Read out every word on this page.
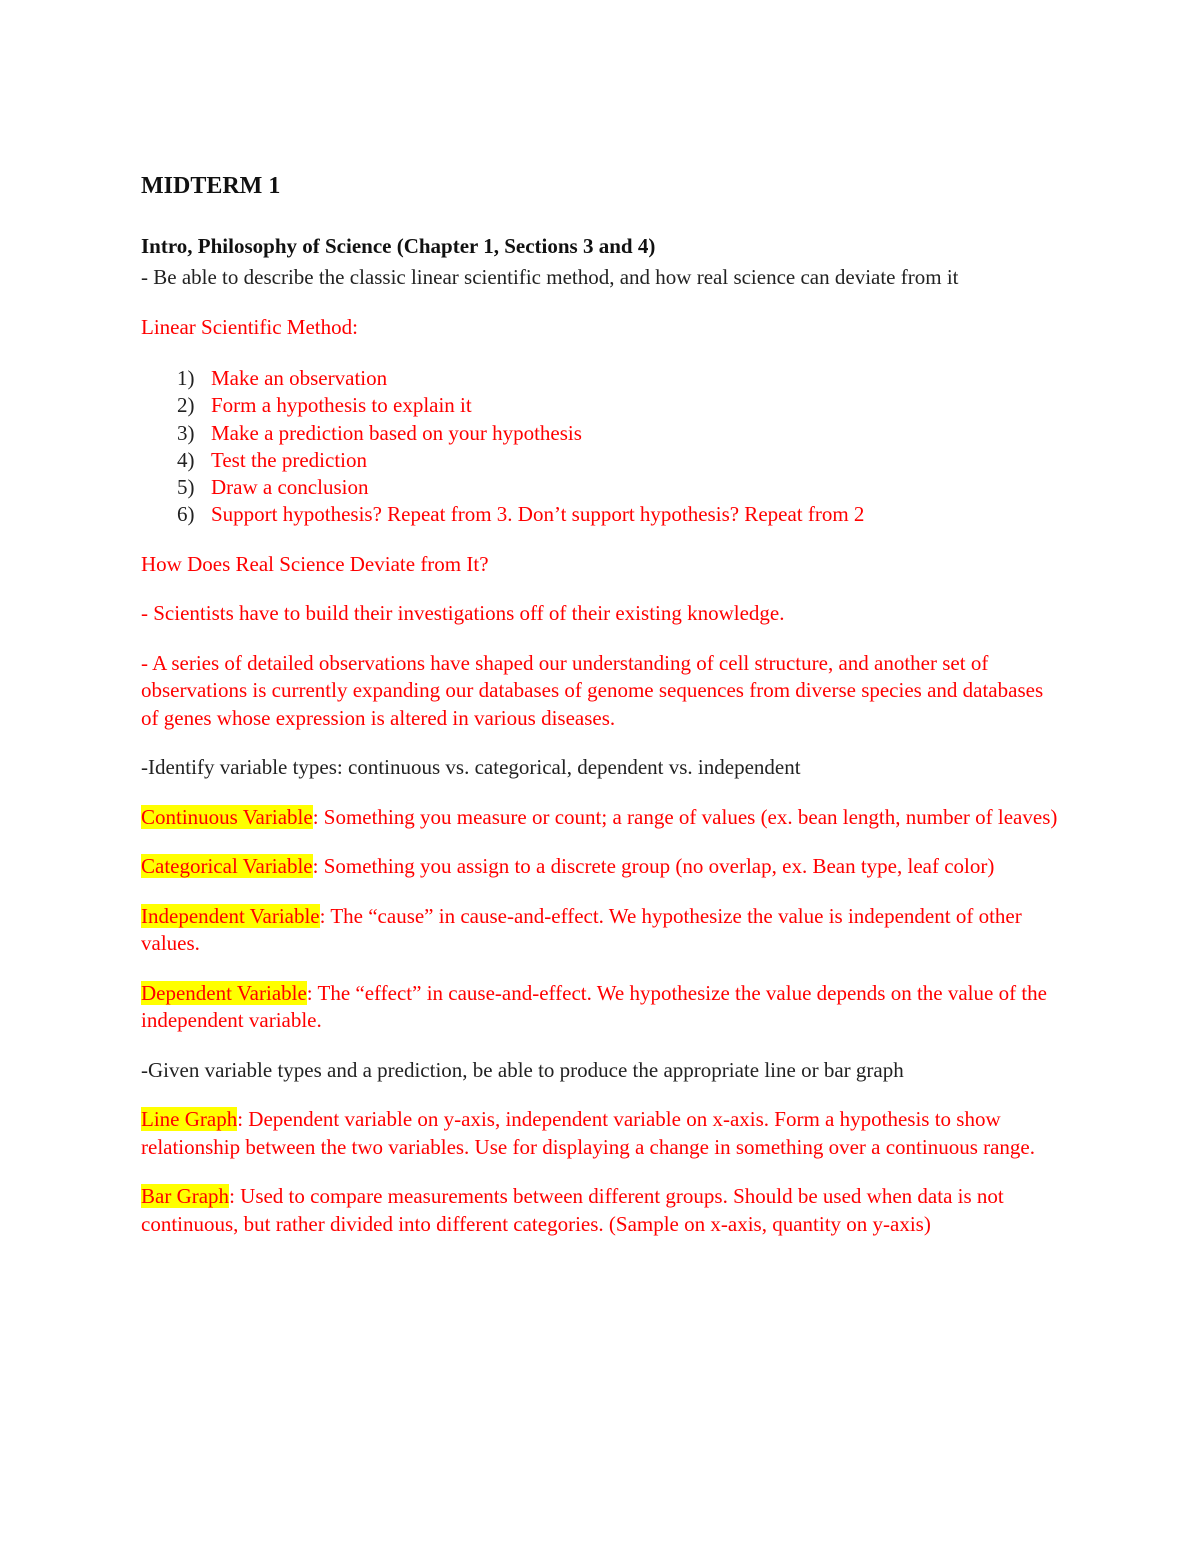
MIDTERM 1
Intro, Philosophy of Science (Chapter 1, Sections 3 and 4)
- Be able to describe the classic linear scientific method, and how real science can deviate from it
Linear Scientific Method:
1) Make an observation
2) Form a hypothesis to explain it
3) Make a prediction based on your hypothesis
4) Test the prediction
5) Draw a conclusion
6) Support hypothesis? Repeat from 3. Don’t support hypothesis? Repeat from 2
How Does Real Science Deviate from It?
- Scientists have to build their investigations off of their existing knowledge.
- A series of detailed observations have shaped our understanding of cell structure, and another set of observations is currently expanding our databases of genome sequences from diverse species and databases of genes whose expression is altered in various diseases.
-Identify variable types: continuous vs. categorical, dependent vs. independent
Continuous Variable: Something you measure or count; a range of values (ex. bean length, number of leaves)
Categorical Variable: Something you assign to a discrete group (no overlap, ex. Bean type, leaf color)
Independent Variable: The “cause” in cause-and-effect. We hypothesize the value is independent of other values.
Dependent Variable: The “effect” in cause-and-effect. We hypothesize the value depends on the value of the independent variable.
-Given variable types and a prediction, be able to produce the appropriate line or bar graph
Line Graph: Dependent variable on y-axis, independent variable on x-axis. Form a hypothesis to show relationship between the two variables. Use for displaying a change in something over a continuous range.
Bar Graph: Used to compare measurements between different groups. Should be used when data is not continuous, but rather divided into different categories. (Sample on x-axis, quantity on y-axis)
